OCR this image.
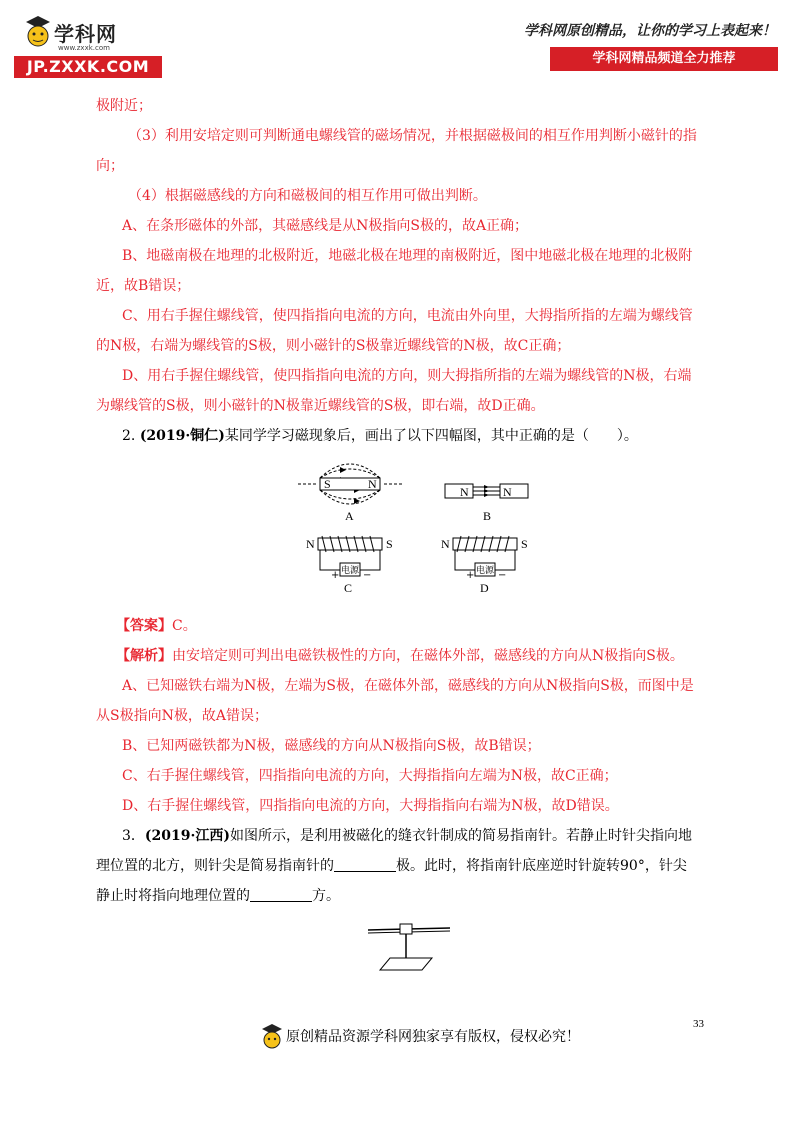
学科网
www.zxxk.com
JP.ZXXK.COM
学科网原创精品，让你的学习上表起来！
学科网精品频道全力推荐
极附近；
（3）利用安培定则可判断通电螺线管的磁场情况，并根据磁极间的相互作用判断小磁针的指
向；
（4）根据磁感线的方向和磁极间的相互作用可做出判断。
A、在条形磁体的外部，其磁感线是从N极指向S极的，故A正确；
B、地磁南极在地理的北极附近，地磁北极在地理的南极附近，图中地磁北极在地理的北极附
近，故B错误；
C、用右手握住螺线管，使四指指向电流的方向，电流由外向里，大拇指所指的左端为螺线管
的N极，右端为螺线管的S极，则小磁针的S极靠近螺线管的N极，故C正确；
D、用右手握住螺线管，使四指指向电流的方向，则大拇指所指的左端为螺线管的N极，右端
为螺线管的S极，则小磁针的N极靠近螺线管的S极，即右端，故D正确。
2. (2019·铜仁)某同学学习磁现象后，画出了以下四幅图，其中正确的是（　　）。
S	N
A
N	N
B
电源
+ −
N	S
C
电源
+ −
N	S
D
【答案】C。
【解析】由安培定则可判出电磁铁极性的方向，在磁体外部，磁感线的方向从N极指向S极。
A、已知磁铁右端为N极，左端为S极，在磁体外部，磁感线的方向从N极指向S极，而图中是
从S极指向N极，故A错误；
B、已知两磁铁都为N极，磁感线的方向从N极指向S极，故B错误；
C、右手握住螺线管，四指指向电流的方向，大拇指指向左端为N极，故C正确；
D、右手握住螺线管，四指指向电流的方向，大拇指指向右端为N极，故D错误。
3．(2019·江西)如图所示，是利用被磁化的缝衣针制成的简易指南针。若静止时针尖指向地
理位置的北方，则针尖是简易指南针的	极。此时，将指南针底座逆时针旋转90°，针尖
静止时将指向地理位置的	方。
33
原创精品资源学科网独家享有版权，侵权必究！
